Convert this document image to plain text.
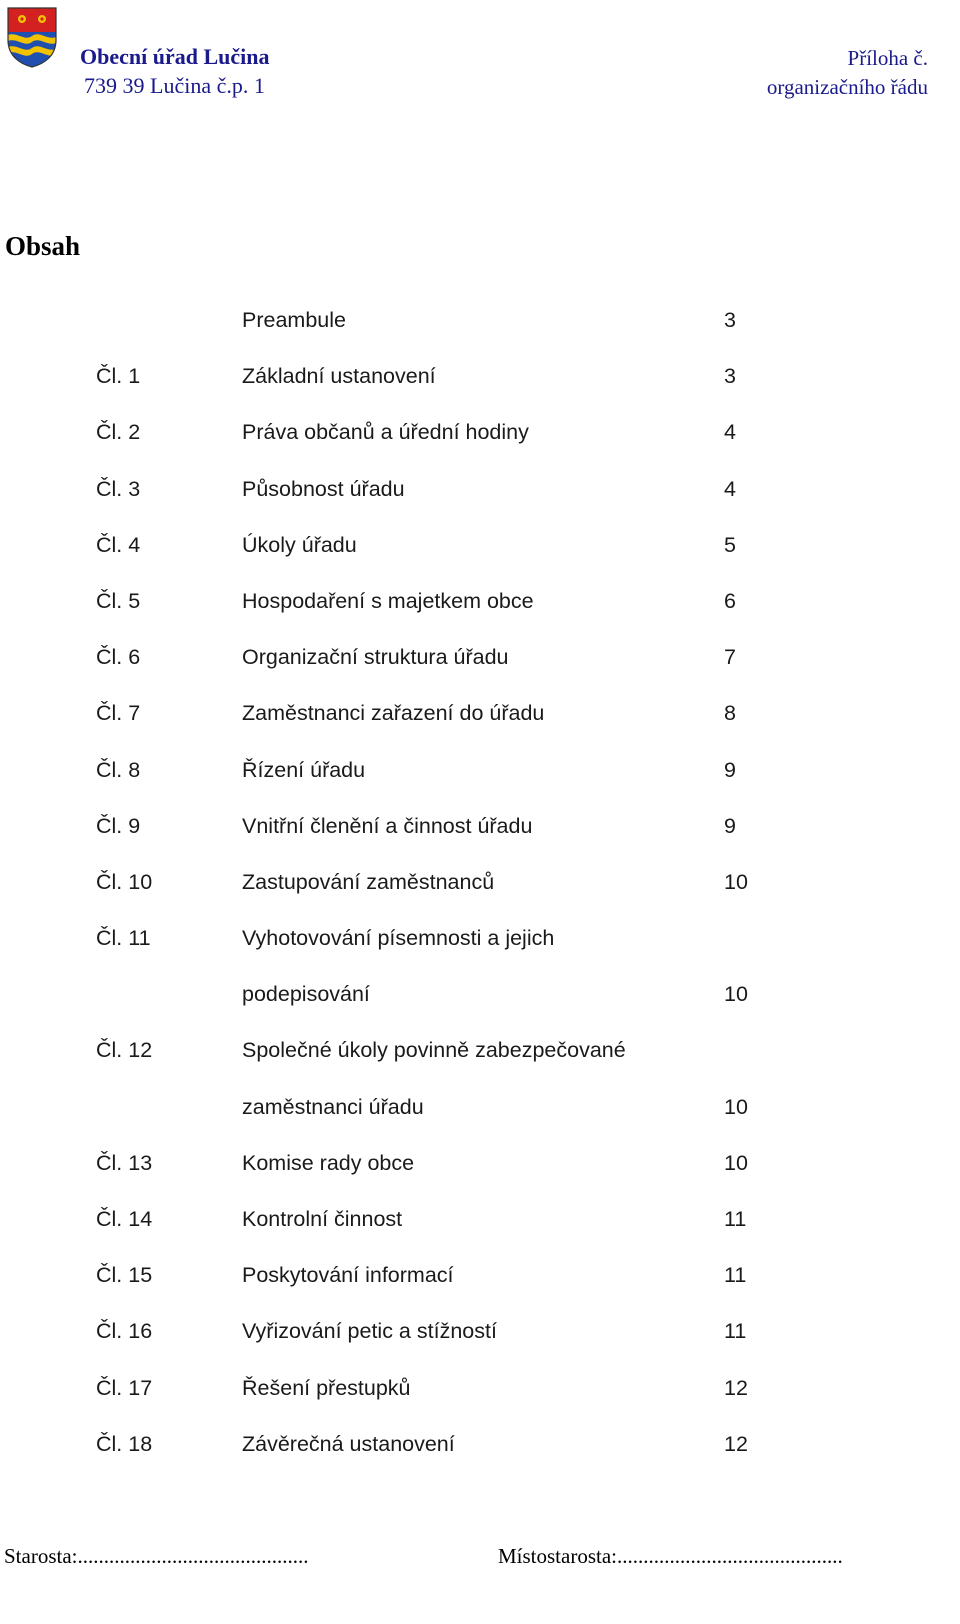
Obecní úřad Lučina
739 39 Lučina č.p. 1
Příloha č.
organizačního řádu
Obsah
Preambule	3
Čl. 1	Základní ustanovení	3
Čl. 2	Práva občanů a úřední hodiny	4
Čl. 3	Působnost úřadu	4
Čl. 4	Úkoly úřadu	5
Čl. 5	Hospodaření s majetkem obce	6
Čl. 6	Organizační struktura úřadu	7
Čl. 7	Zaměstnanci zařazení do úřadu	8
Čl. 8	Řízení úřadu	9
Čl. 9	Vnitřní členění a činnost úřadu	9
Čl. 10	Zastupování zaměstnanců	10
Čl. 11	Vyhotovování písemnosti a jejich
podepisování	10
Čl. 12	Společné úkoly povinně zabezpečované
zaměstnanci úřadu	10
Čl. 13	Komise rady obce	10
Čl. 14	Kontrolní činnost	11
Čl. 15	Poskytování informací	11
Čl. 16	Vyřizování petic a stížností	11
Čl. 17	Řešení přestupků	12
Čl. 18	Závěrečná ustanovení	12
Starosta:............................................	Místostarosta:...........................................
